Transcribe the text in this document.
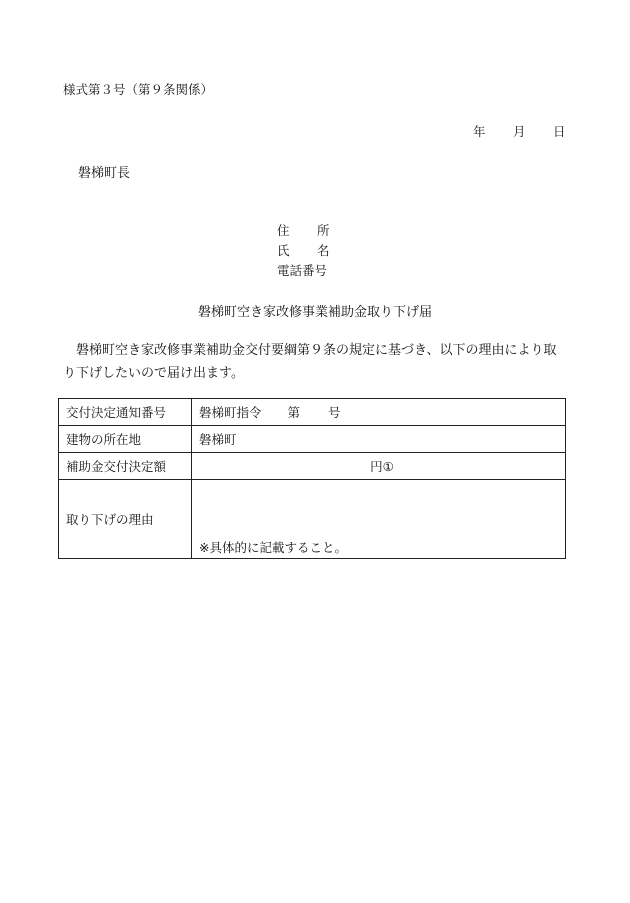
様式第３号（第９条関係）
年 月 日
磐梯町長
住 所
氏 名
電話番号
磐梯町空き家改修事業補助金取り下げ届
磐梯町空き家改修事業補助金交付要綱第９条の規定に基づき、以下の理由により取り下げしたいので届け出ます。
交付決定通知番号	磐梯町指令 第 号
建物の所在地	磐梯町
補助金交付決定額	円①
取り下げの理由	※具体的に記載すること。
